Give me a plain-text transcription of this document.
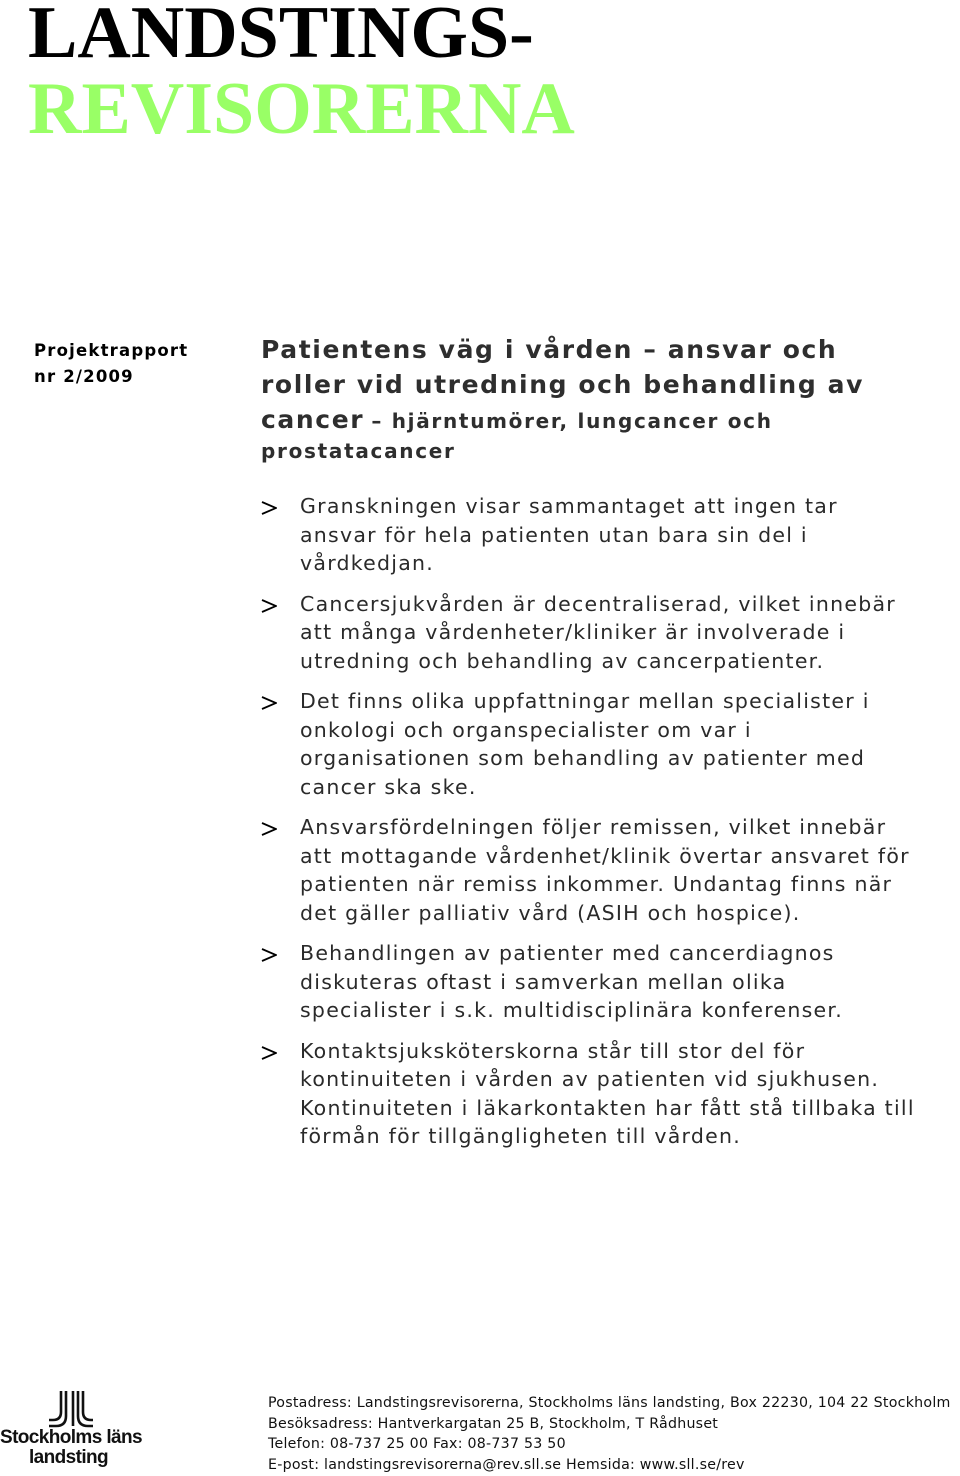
LANDSTINGS-
REVISORERNA
Projektrapport
nr 2/2009
Patientens väg i vården – ansvar och roller vid utredning och behandling av cancer – hjärntumörer, lungcancer och prostatacancer
Granskningen visar sammantaget att ingen tar ansvar för hela patienten utan bara sin del i vårdkedjan.
Cancersjukvården är decentraliserad, vilket innebär att många vårdenheter/kliniker är involverade i utredning och behandling av cancerpatienter.
Det finns olika uppfattningar mellan specialister i onkologi och organspecialister om var i organisationen som behandling av patienter med cancer ska ske.
Ansvarsfördelningen följer remissen, vilket innebär att mottagande vårdenhet/klinik övertar ansvaret för patienten när remiss inkommer. Undantag finns när det gäller palliativ vård (ASIH och hospice).
Behandlingen av patienter med cancerdiagnos diskuteras oftast i samverkan mellan olika specialister i s.k. multidisciplinära konferenser.
Kontaktsjuksköterskorna står till stor del för kontinuiteten i vården av patienten vid sjukhusen. Kontinuiteten i läkarkontakten har fått stå tillbaka till förmån för tillgängligheten till vården.
Stockholms läns
landsting
Postadress: Landstingsrevisorerna, Stockholms läns landsting, Box 22230, 104 22 Stockholm
Besöksadress: Hantverkargatan 25 B, Stockholm, T Rådhuset
Telefon: 08-737 25 00 Fax: 08-737 53 50
E-post: landstingsrevisorerna@rev.sll.se Hemsida: www.sll.se/rev
